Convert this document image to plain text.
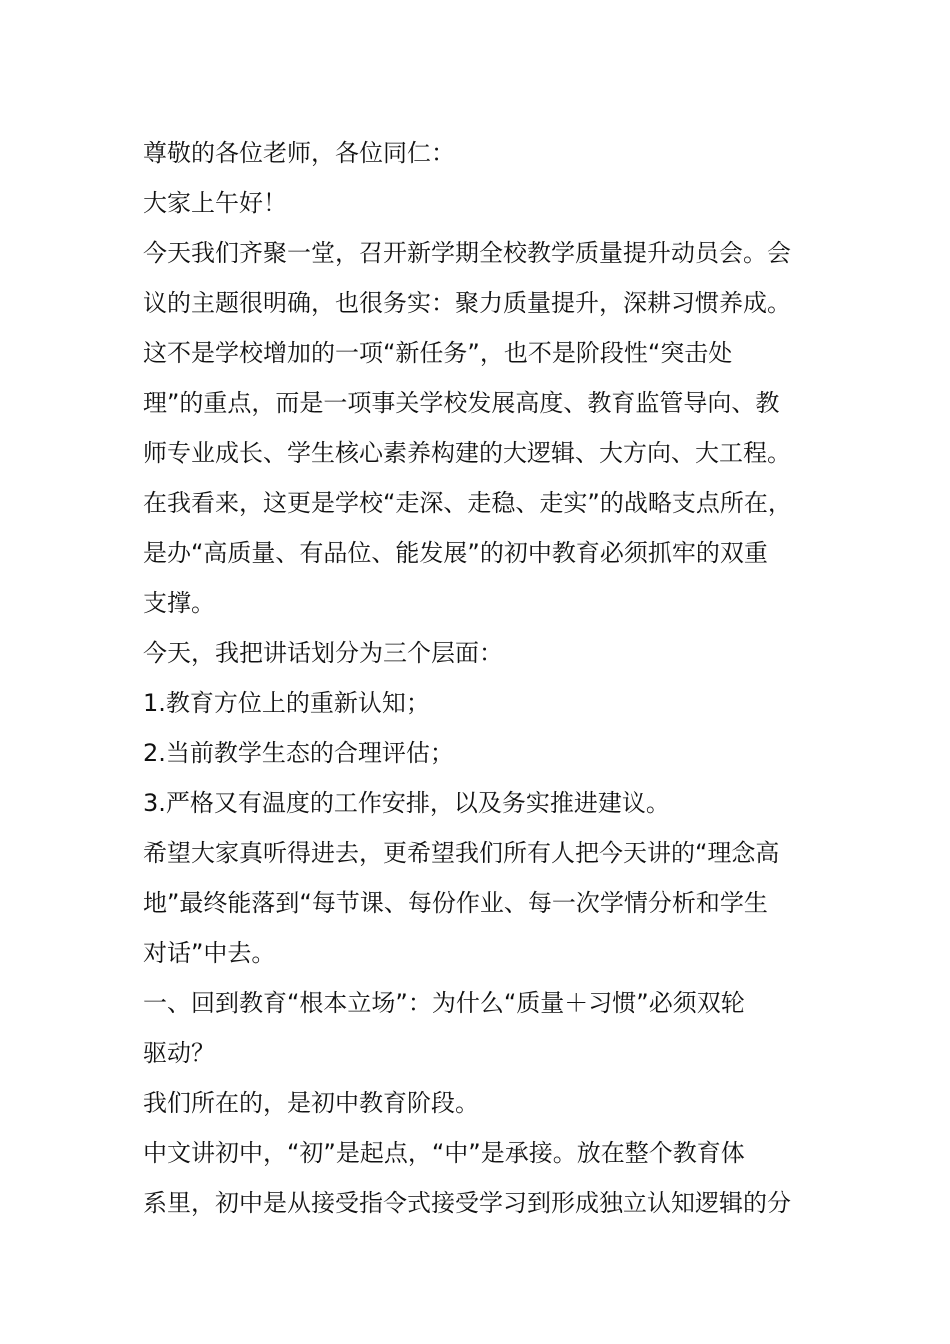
尊敬的各位老师，各位同仁：

大家上午好！

今天我们齐聚一堂，召开新学期全校教学质量提升动员会。会

议的主题很明确，也很务实：聚力质量提升，深耕习惯养成。

这不是学校增加的一项“新任务”，也不是阶段性“突击处

理”的重点，而是一项事关学校发展高度、教育监管导向、教

师专业成长、学生核心素养构建的大逻辑、大方向、大工程。

在我看来，这更是学校“走深、走稳、走实”的战略支点所在，

是办“高质量、有品位、能发展”的初中教育必须抓牢的双重

支撑。

今天，我把讲话划分为三个层面：

1.教育方位上的重新认知；

2.当前教学生态的合理评估；

3.严格又有温度的工作安排，以及务实推进建议。

希望大家真听得进去，更希望我们所有人把今天讲的“理念高

地”最终能落到“每节课、每份作业、每一次学情分析和学生

对话”中去。

一、回到教育“根本立场”：为什么“质量＋习惯”必须双轮

驱动？

我们所在的，是初中教育阶段。

中文讲初中，“初”是起点，“中”是承接。放在整个教育体

系里，初中是从接受指令式接受学习到形成独立认知逻辑的分
